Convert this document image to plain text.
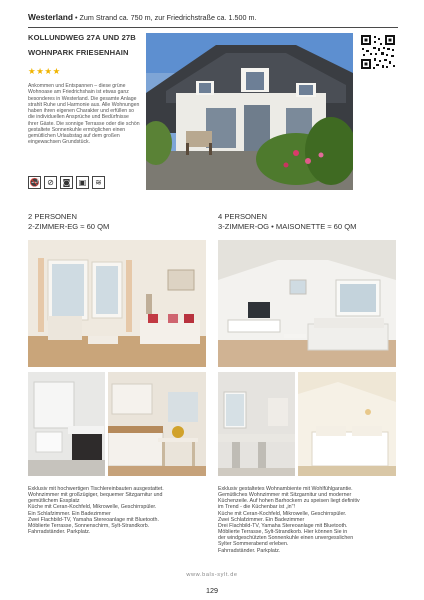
Westerland • Zum Strand ca. 750 m, zur Friedrichstraße ca. 1.500 m.
KOLLUNDWEG 27A UND 27B
WOHNPARK FRIESENHAIN
★★★★
Ankommen und Entspannen – diese grüne Wohnoase am Friedrichshain ist etwas ganz besonderes in Westerland. Die gesamte Anlage strahlt Ruhe und Harmonie aus. Alle Wohnungen haben ihren eigenen Charakter und erfüllen so die individuellen Ansprüche und Bedürfnisse ihrer Gäste. Die sonnige Terrasse oder die schön gestaltete Sonnenkuhle ermöglichen einen gemütlichen Urlaubstag auf dem großen eingewachsen Grundstück.
🚭 ⊘	◙	▣	≋
2 PERSONEN
2-ZIMMER-EG ≈ 60 QM
4 PERSONEN
3-ZIMMER-OG • MAISONETTE ≈ 60 QM
Exklusiv mit hochwertigen Tischlereinbauten ausgestattet.
Wohnzimmer mit großzügiger, bequemer Sitzgarnitur und
gemütlichem Essplatz
Küche mit Ceran-Kochfeld, Mikrowelle, Geschirrspüler.
Ein Schlafzimmer. Ein Badezimmer
Zwei Flachbild-TV, Yamaha Stereoanlage mit Bluetooth.
Möblierte Terrasse, Sonnenschirm, Sylt-Strandkorb.
Fahrradständer. Parkplatz.
Exklusiv gestaltetes Wohnambiente mit Wohlfühlgarantie.
Gemütliches Wohnzimmer mit Sitzgarnitur und moderner
Küchenzeile. Auf hohen Barhockern zu speisen liegt definitiv
im Trend - die Küchenbar ist „in"!
Küche mit Ceran-Kochfeld, Mikrowelle, Geschirrspüler.
Zwei Schlafzimmer. Ein Badezimmer
Drei Flachbild-TV, Yamaha Stereoanlage mit Bluetooth.
Möblierte Terrasse, Sylt-Strandkorb. Hier können Sie in
der windgeschützten Sonnenkuhle einen unvergesslichen
Sylter Sommerabend erleben.
Fahrradständer. Parkplatz.
www.bals-sylt.de
129
